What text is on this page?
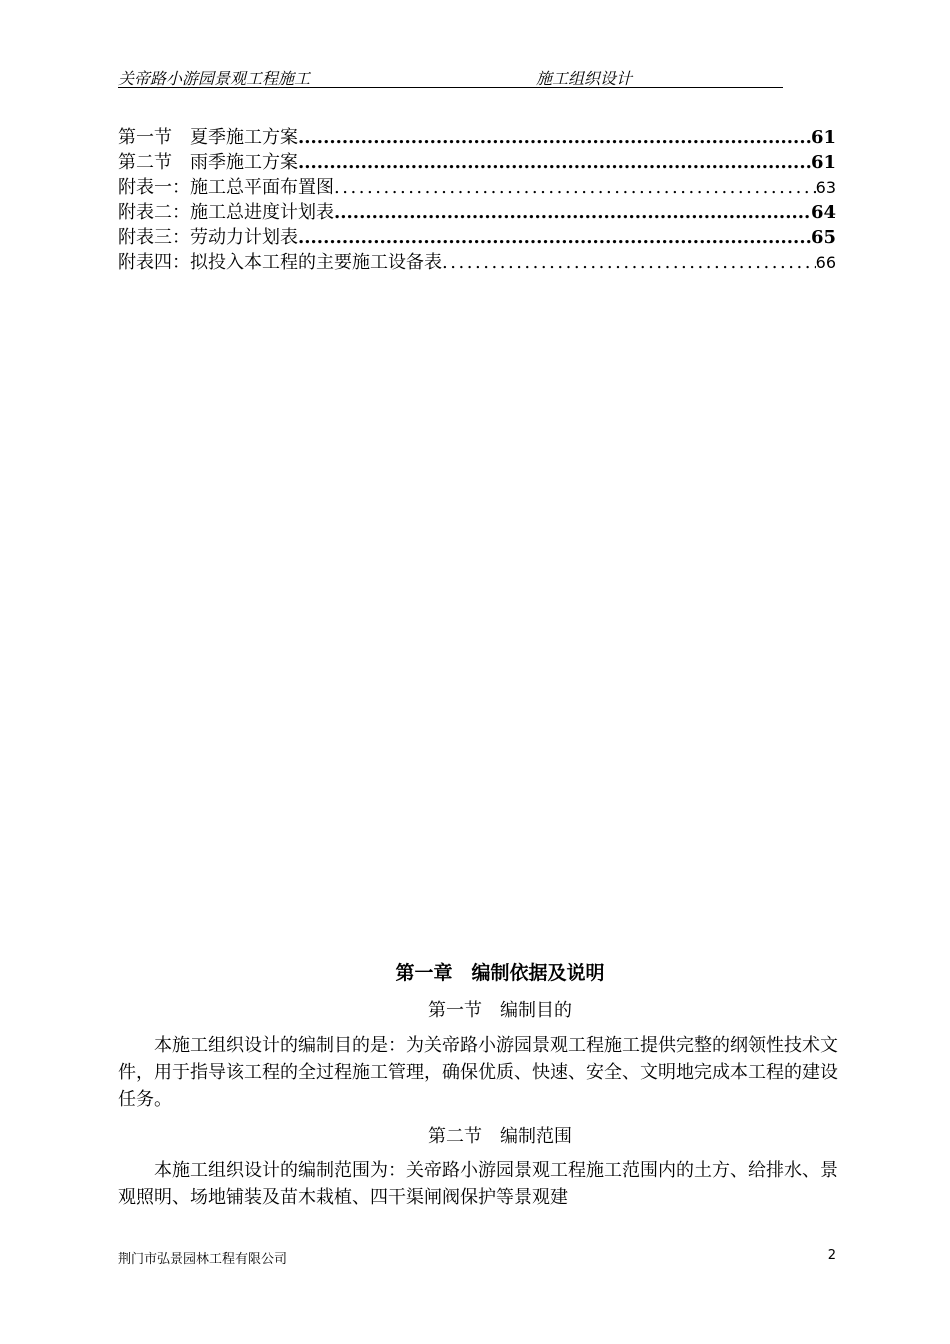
关帝路小游园景观工程施工	施工组织设计
第一节　夏季施工方案 .....	61
第二节　雨季施工方案 .....	61
附表一：施工总平面布置图 . . .	63
附表二：施工总进度计划表 .....	64
附表三：劳动力计划表 .....	65
附表四：拟投入本工程的主要施工设备表 . . .	66
第一章　编制依据及说明
第一节　编制目的
本施工组织设计的编制目的是：为关帝路小游园景观工程施工提供完整的纲领性技术文件，用于指导该工程的全过程施工管理，确保优质、快速、安全、文明地完成本工程的建设任务。
第二节　编制范围
本施工组织设计的编制范围为：关帝路小游园景观工程施工范围内的土方、给排水、景观照明、场地铺装及苗木栽植、四干渠闸阀保护等景观建
荆门市弘景园林工程有限公司	2
